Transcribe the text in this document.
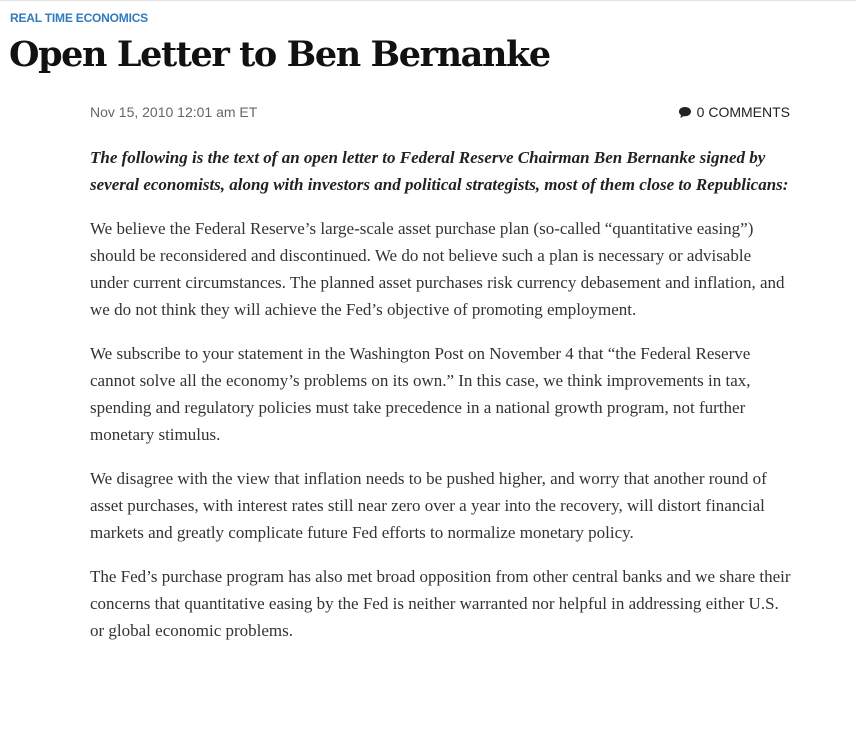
REAL TIME ECONOMICS
Open Letter to Ben Bernanke
Nov 15, 2010 12:01 am ET	0 COMMENTS

The following is the text of an open letter to Federal Reserve Chairman Ben Bernanke signed by several economists, along with investors and political strategists, most of them close to Republicans:

We believe the Federal Reserve’s large-scale asset purchase plan (so-called “quantitative easing”) should be reconsidered and discontinued. We do not believe such a plan is necessary or advisable under current circumstances. The planned asset purchases risk currency debasement and inflation, and we do not think they will achieve the Fed’s objective of promoting employment.

We subscribe to your statement in the Washington Post on November 4 that “the Federal Reserve cannot solve all the economy’s problems on its own.” In this case, we think improvements in tax, spending and regulatory policies must take precedence in a national growth program, not further monetary stimulus.

We disagree with the view that inflation needs to be pushed higher, and worry that another round of asset purchases, with interest rates still near zero over a year into the recovery, will distort financial markets and greatly complicate future Fed efforts to normalize monetary policy.

The Fed’s purchase program has also met broad opposition from other central banks and we share their concerns that quantitative easing by the Fed is neither warranted nor helpful in addressing either U.S. or global economic problems.
